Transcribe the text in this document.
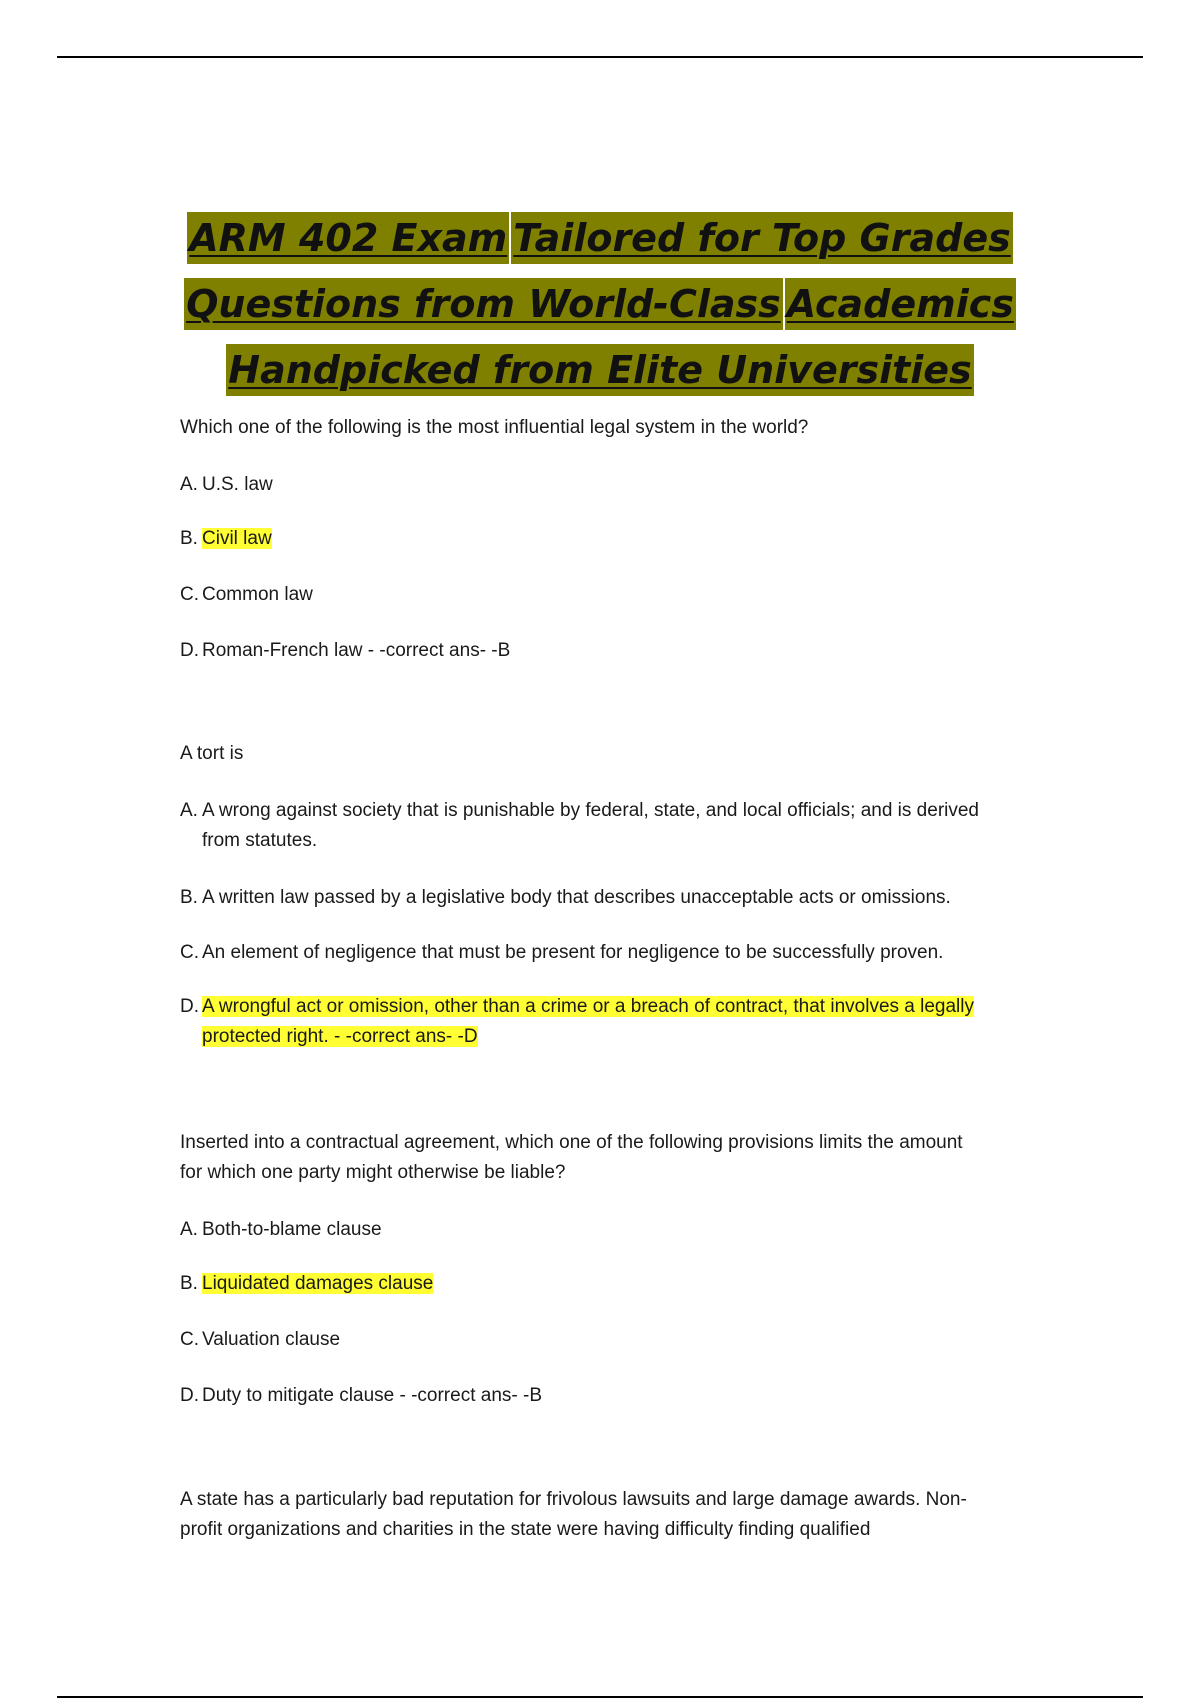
ARM 402 Exam Tailored for Top Grades
Questions from World-Class Academics
Handpicked from Elite Universities
Which one of the following is the most influential legal system in the world?
A. U.S. law
B. Civil law
C. Common law
D. Roman-French law - -correct ans- -B
A tort is
A. A wrong against society that is punishable by federal, state, and local officials; and is derived from statutes.
B. A written law passed by a legislative body that describes unacceptable acts or omissions.
C. An element of negligence that must be present for negligence to be successfully proven.
D. A wrongful act or omission, other than a crime or a breach of contract, that involves a legally protected right. - -correct ans- -D
Inserted into a contractual agreement, which one of the following provisions limits the amount for which one party might otherwise be liable?
A. Both-to-blame clause
B. Liquidated damages clause
C. Valuation clause
D. Duty to mitigate clause - -correct ans- -B
A state has a particularly bad reputation for frivolous lawsuits and large damage awards. Non-profit organizations and charities in the state were having difficulty finding qualified
